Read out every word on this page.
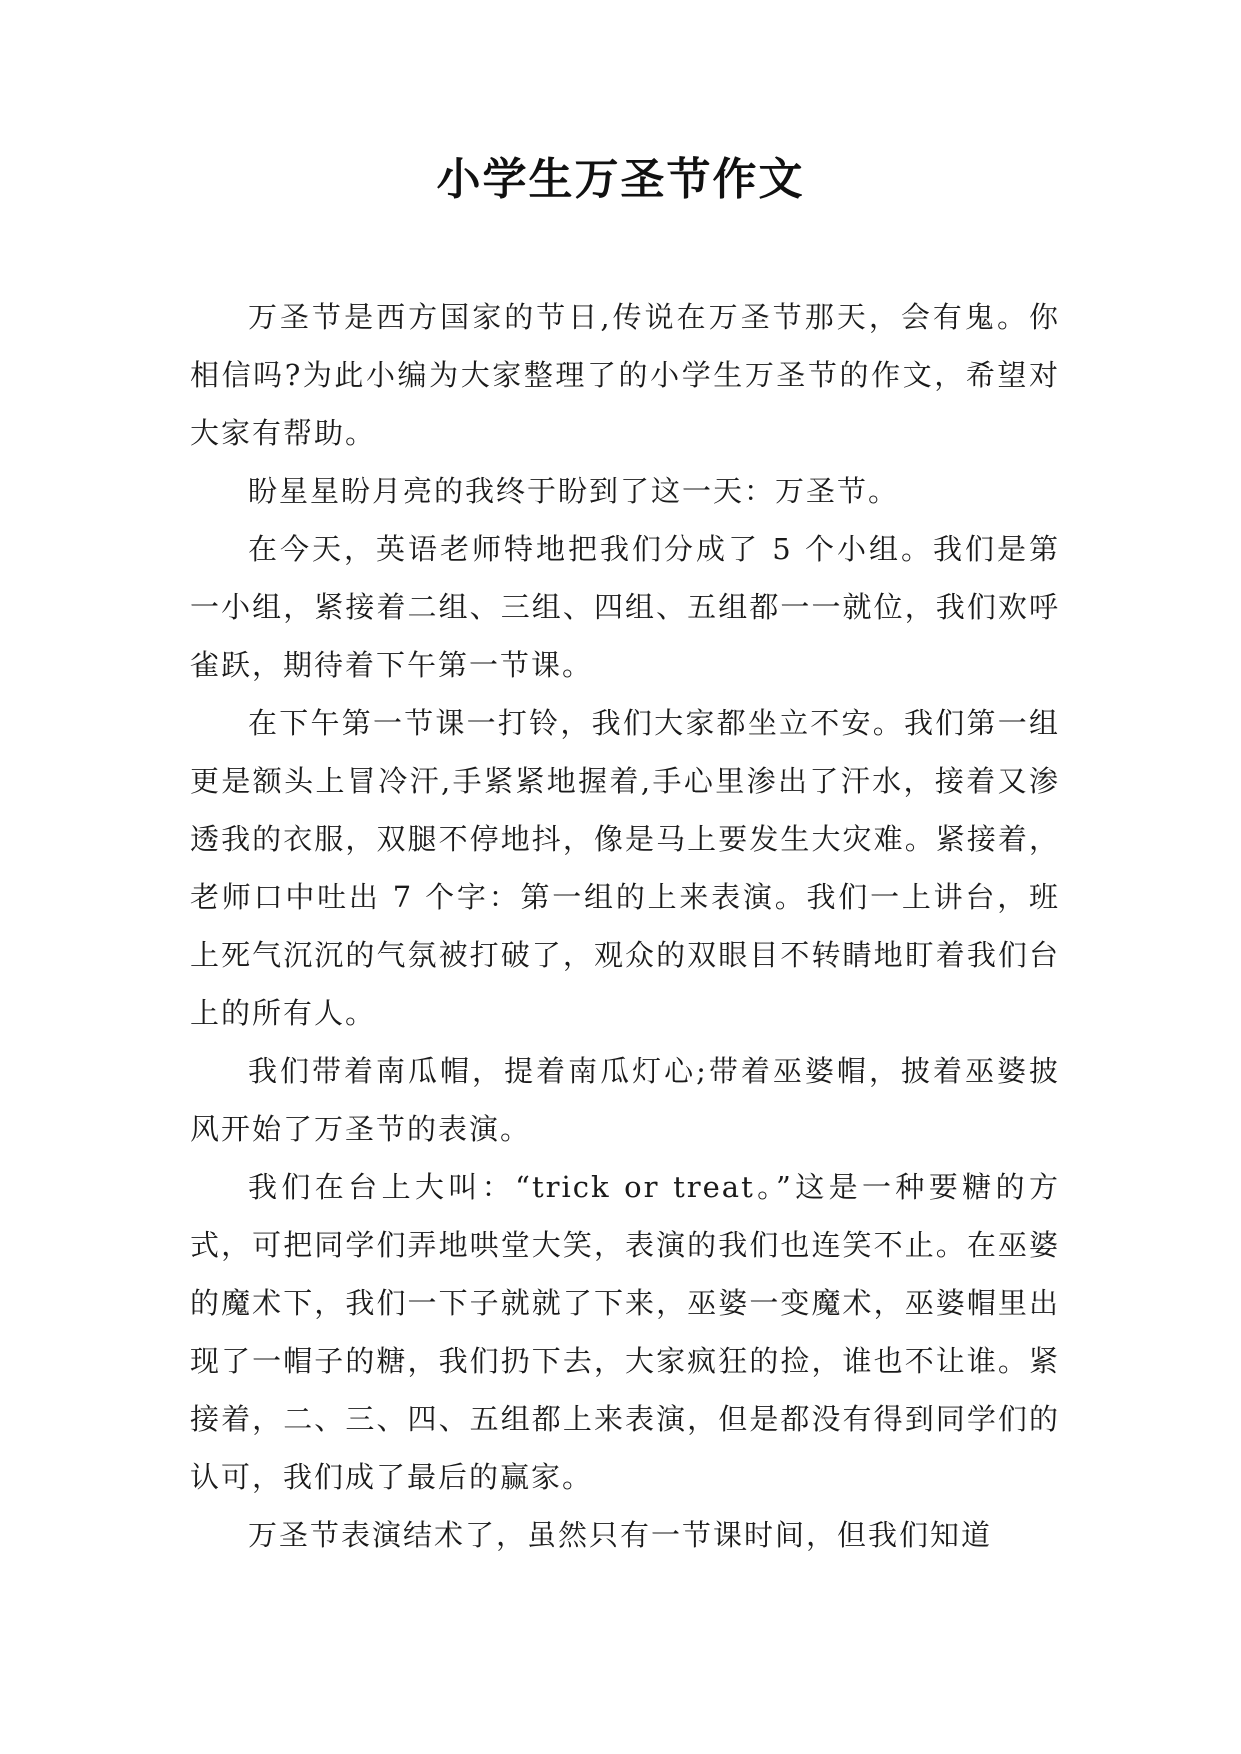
小学生万圣节作文

万圣节是西方国家的节日,传说在万圣节那天，会有鬼。你相信吗?为此小编为大家整理了的小学生万圣节的作文，希望对大家有帮助。

盼星星盼月亮的我终于盼到了这一天：万圣节。

在今天，英语老师特地把我们分成了 5 个小组。我们是第一小组，紧接着二组、三组、四组、五组都一一就位，我们欢呼雀跃，期待着下午第一节课。

在下午第一节课一打铃，我们大家都坐立不安。我们第一组更是额头上冒冷汗,手紧紧地握着,手心里渗出了汗水，接着又渗透我的衣服，双腿不停地抖，像是马上要发生大灾难。紧接着，老师口中吐出 7 个字：第一组的上来表演。我们一上讲台，班上死气沉沉的气氛被打破了，观众的双眼目不转睛地盯着我们台上的所有人。

我们带着南瓜帽，提着南瓜灯心;带着巫婆帽，披着巫婆披风开始了万圣节的表演。

我们在台上大叫：“trick or treat。”这是一种要糖的方式，可把同学们弄地哄堂大笑，表演的我们也连笑不止。在巫婆的魔术下，我们一下子就就了下来，巫婆一变魔术，巫婆帽里出现了一帽子的糖，我们扔下去，大家疯狂的捡，谁也不让谁。紧接着，二、三、四、五组都上来表演，但是都没有得到同学们的认可，我们成了最后的赢家。

万圣节表演结术了，虽然只有一节课时间，但我们知道
